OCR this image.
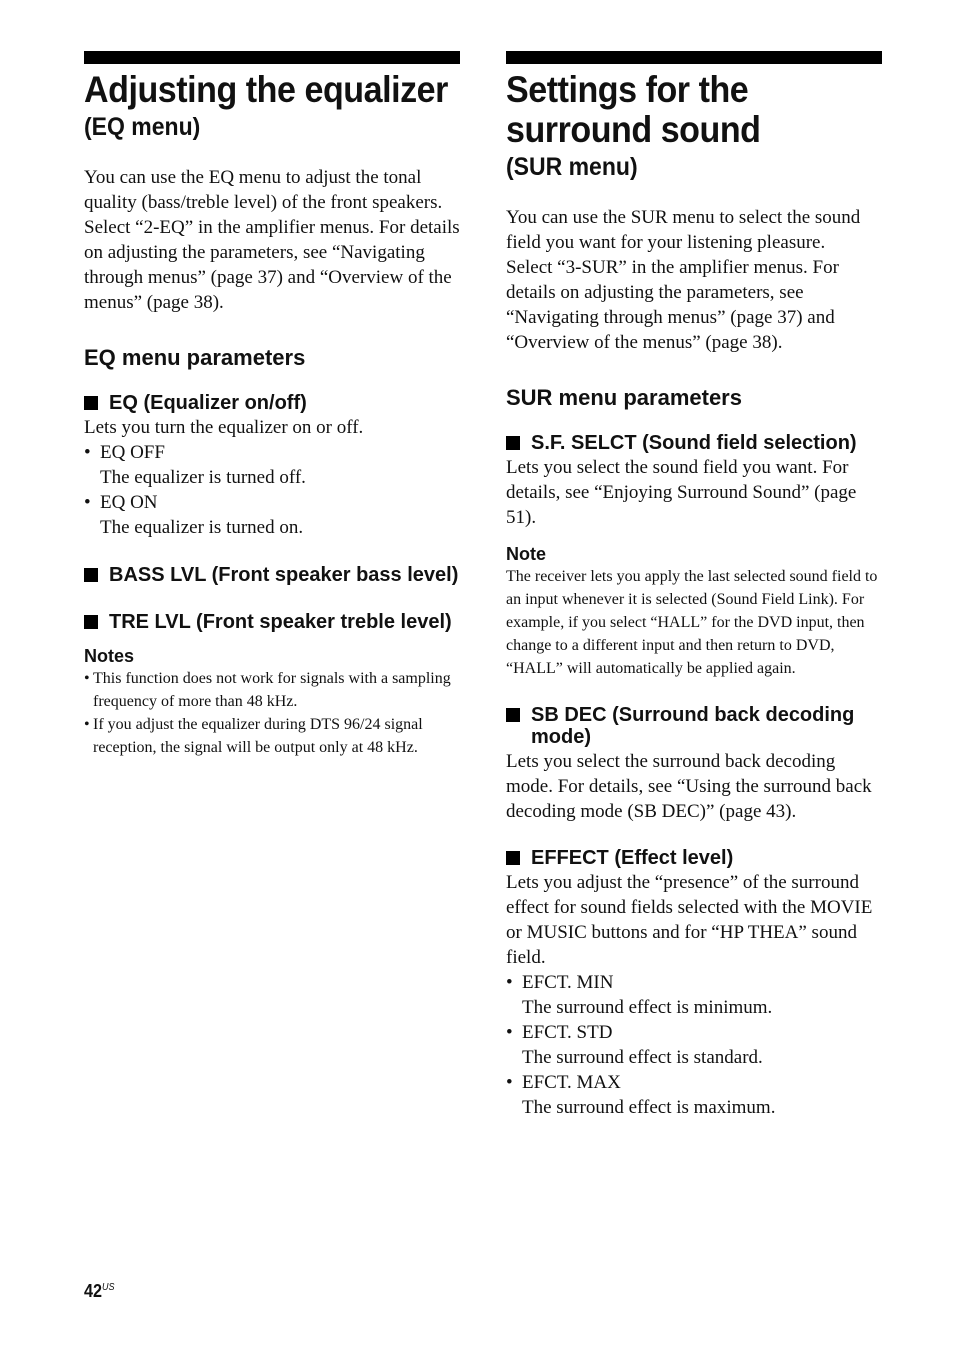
Adjusting the equalizer
(EQ menu)

You can use the EQ menu to adjust the tonal quality (bass/treble level) of the front speakers.

Select “2-EQ” in the amplifier menus. For details on adjusting the parameters, see “Navigating through menus” (page 37) and “Overview of the menus” (page 38).

EQ menu parameters
EQ (Equalizer on/off)

Lets you turn the equalizer on or off.

• EQ OFF

The equalizer is turned off.

• EQ ON

The equalizer is turned on.

BASS LVL (Front speaker bass level)
TRE LVL (Front speaker treble level)
Notes
• This function does not work for signals with a sampling frequency of more than 48 kHz.
• If you adjust the equalizer during DTS 96/24 signal reception, the signal will be output only at 48 kHz.
Settings for the surround sound
(SUR menu)

You can use the SUR menu to select the sound field you want for your listening pleasure.

Select “3-SUR” in the amplifier menus. For details on adjusting the parameters, see “Navigating through menus” (page 37) and “Overview of the menus” (page 38).

SUR menu parameters
S.F. SELCT (Sound field selection)

Lets you select the sound field you want. For details, see “Enjoying Surround Sound” (page 51).

Note

The receiver lets you apply the last selected sound field to an input whenever it is selected (Sound Field Link). For example, if you select “HALL” for the DVD input, then change to a different input and then return to DVD, “HALL” will automatically be applied again.

SB DEC (Surround back decoding mode)

Lets you select the surround back decoding mode. For details, see “Using the surround back decoding mode (SB DEC)” (page 43).

EFFECT (Effect level)

Lets you adjust the “presence” of the surround effect for sound fields selected with the MOVIE or MUSIC buttons and for “HP THEA” sound field.

• EFCT. MIN

The surround effect is minimum.

• EFCT. STD

The surround effect is standard.

• EFCT. MAX

The surround effect is maximum.

$42^{US}$
